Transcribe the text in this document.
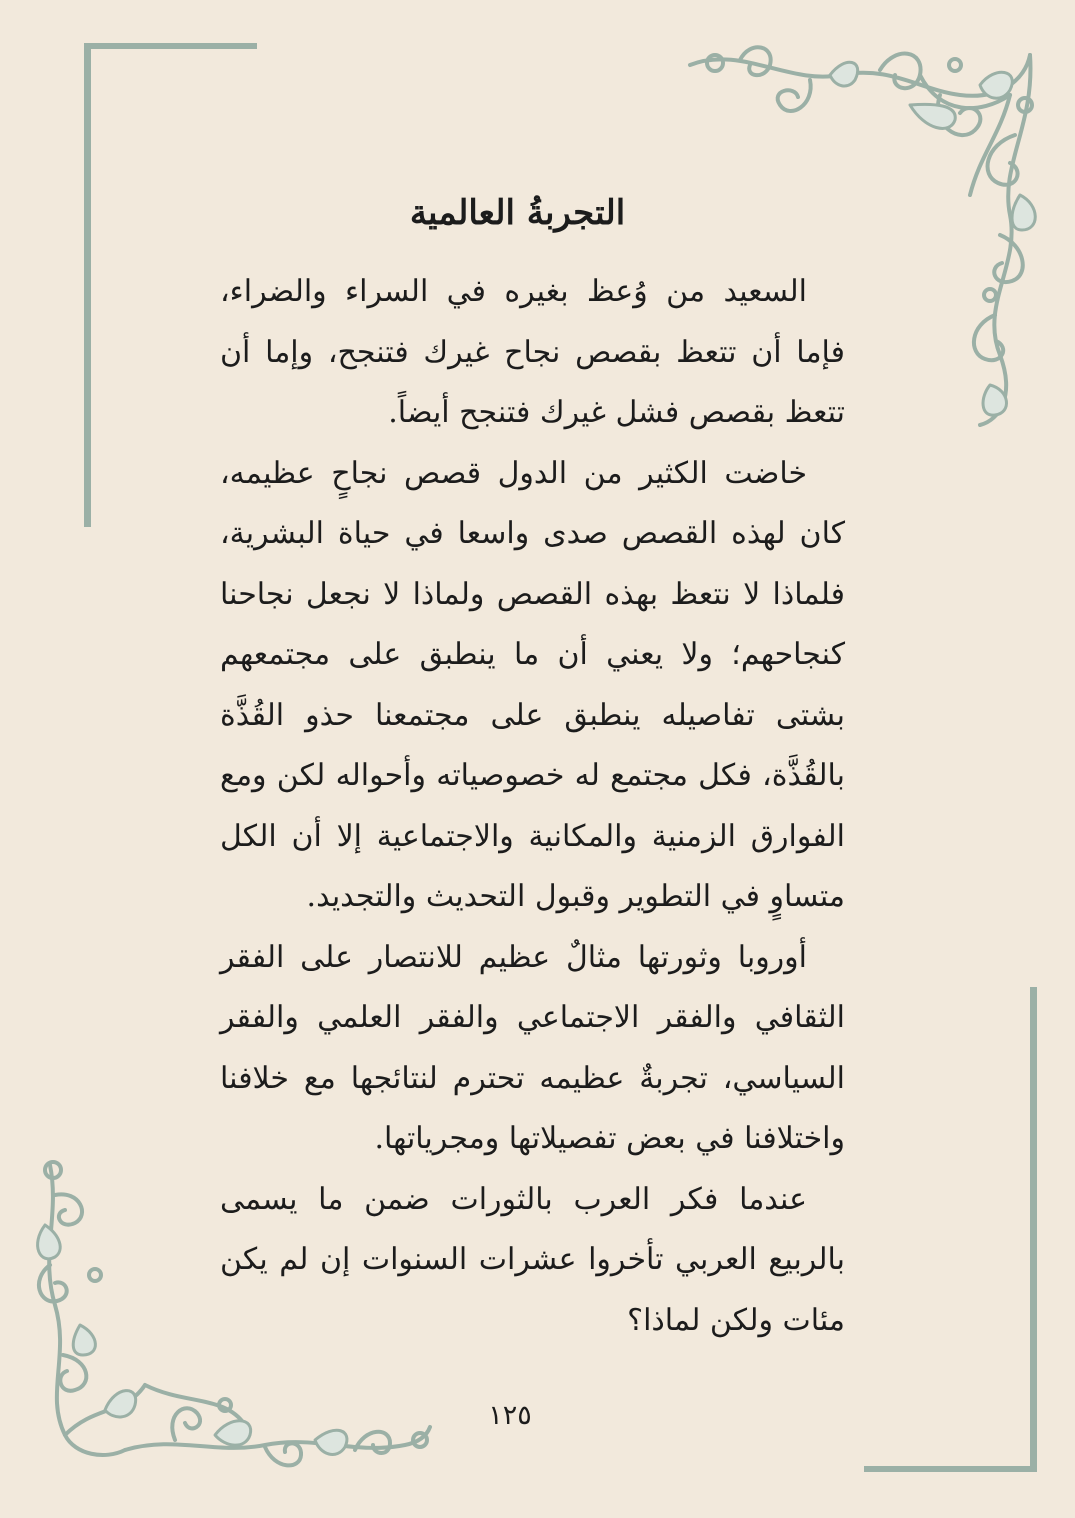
التجربةُ العالمية

السعيد من وُعظ بغيره في السراء والضراء، فإما أن تتعظ بقصص نجاح غيرك فتنجح، وإما أن تتعظ بقصص فشل غيرك فتنجح أيضاً.

خاضت الكثير من الدول قصص نجاحٍ عظيمه، كان لهذه القصص صدى واسعا في حياة البشرية، فلماذا لا نتعظ بهذه القصص ولماذا لا نجعل نجاحنا كنجاحهم؛ ولا يعني أن ما ينطبق على مجتمعهم بشتى تفاصيله ينطبق على مجتمعنا حذو القُذَّة بالقُذَّة، فكل مجتمع له خصوصياته وأحواله لكن ومع الفوارق الزمنية والمكانية والاجتماعية إلا أن الكل متساوٍ في التطوير وقبول التحديث والتجديد.

أوروبا وثورتها مثالٌ عظيم للانتصار على الفقر الثقافي والفقر الاجتماعي والفقر العلمي والفقر السياسي، تجربةٌ عظيمه تحترم لنتائجها مع خلافنا واختلافنا في بعض تفصيلاتها ومجرياتها.

عندما فكر العرب بالثورات ضمن ما يسمى بالربيع العربي تأخروا عشرات السنوات إن لم يكن مئات ولكن لماذا؟

١٢٥
